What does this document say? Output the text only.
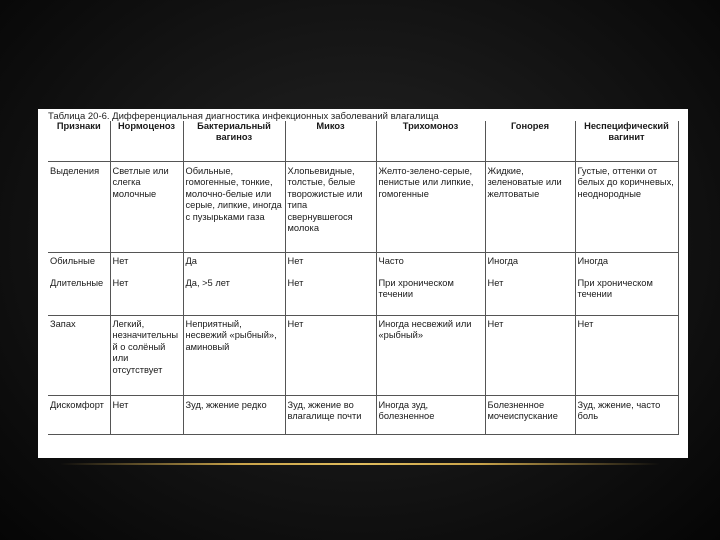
Таблица 20-6. Дифференциальная диагностика инфекционных заболеваний влагалища
Признаки	Нормоценоз	Бактериальный вагиноз	Микоз	Трихомоноз	Гонорея	Неспецифический вагинит
Выделения	Светлые или слегка молочные	Обильные, гомогенные, тонкие, молочно-белые или серые, липкие, иногда с пузырьками газа	Хлопьевидные, толстые, белые творожистые или типа свернувшегося молока	Желто-зелено-серые, пенистые или липкие, гомогенные	Жидкие, зеленоватые или желтоватые	Густые, оттенки от белых до коричневых, неоднородные
Обильные	Нет	Да	Нет	Часто	Иногда	Иногда
Длительные	Нет	Да, >5 лет	Нет	При хроническом течении	Нет	При хроническом течении
Запах	Легкий, незначительный о солёный или отсутствует	Неприятный, несвежий «рыбный», аминовый	Нет	Иногда несвежий или «рыбный»	Нет	Нет
Дискомфорт	Нет	Зуд, жжение редко	Зуд, жжение во влагалище почти	Иногда зуд, болезненное	Болезненное мочеиспускание	Зуд, жжение, часто боль
